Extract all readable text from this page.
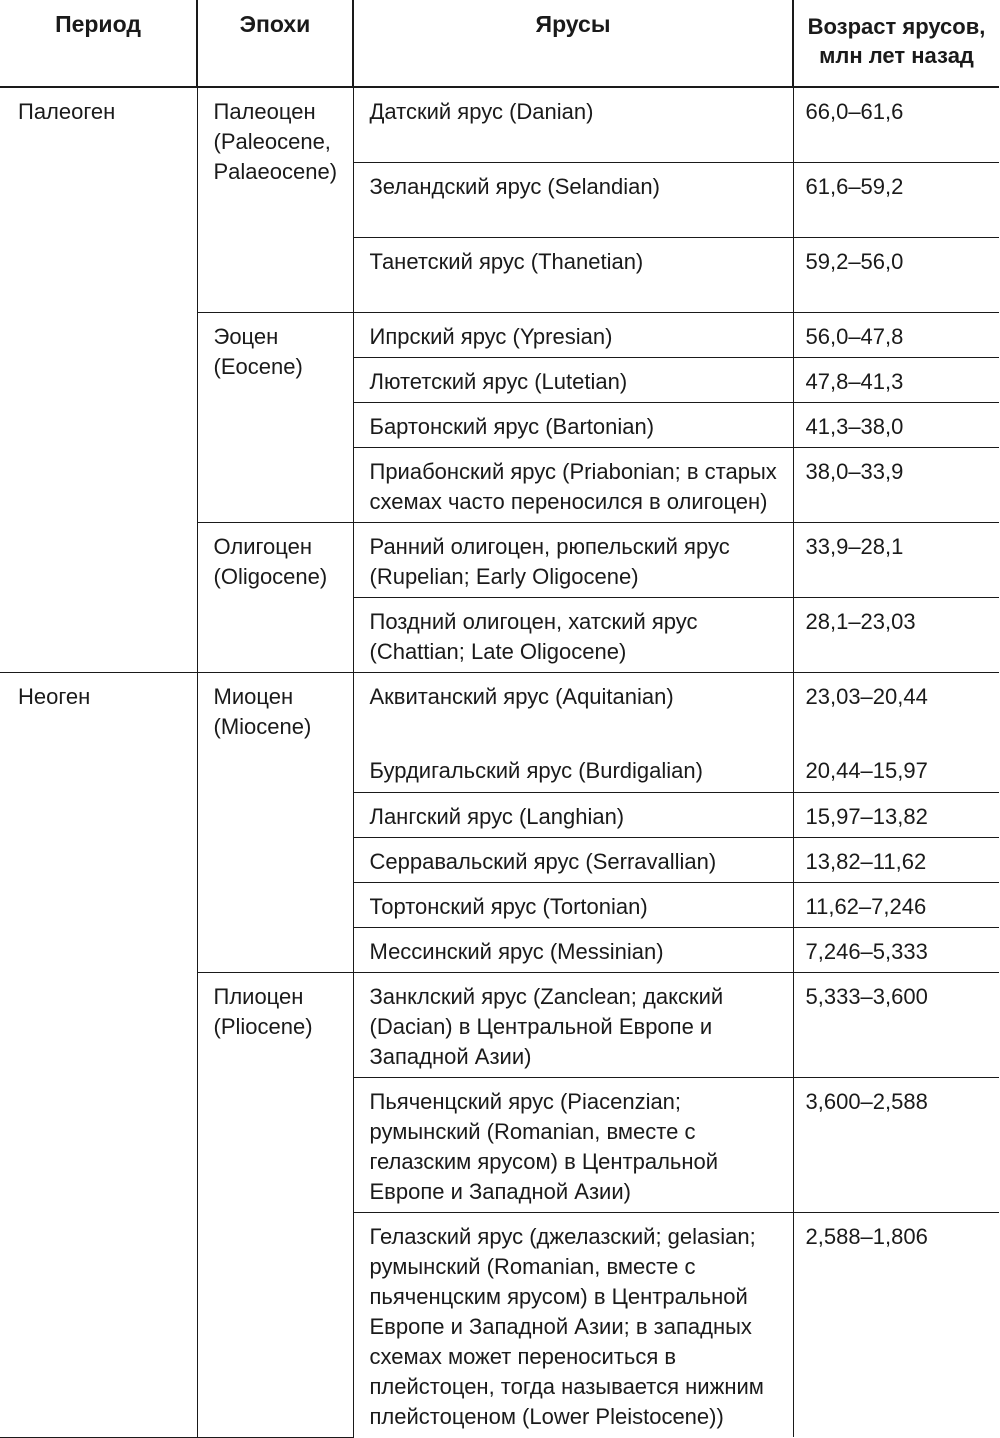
Период	Эпохи	Ярусы	Возраст ярусов, млн лет назад
Палеоген	Палеоцен (Paleocene, Palaeocene)	Датский ярус (Danian)	66,0–61,6
		Зеландский ярус (Selandian)	61,6–59,2
		Танетский ярус (Thanetian)	59,2–56,0
	Эоцен (Eocene)	Ипрский ярус (Ypresian)	56,0–47,8
		Лютетский ярус (Lutetian)	47,8–41,3
		Бартонский ярус (Bartonian)	41,3–38,0
		Приабонский ярус (Priabonian; в старых схемах часто переносился в олигоцен)	38,0–33,9
	Олигоцен (Oligocene)	Ранний олигоцен, рюпельский ярус (Rupelian; Early Oligocene)	33,9–28,1
		Поздний олигоцен, хатский ярус (Chattian; Late Oligocene)	28,1–23,03
Неоген	Миоцен (Miocene)	Аквитанский ярус (Aquitanian)	23,03–20,44
		Бурдигальский ярус (Burdigalian)	20,44–15,97
		Лангский ярус (Langhian)	15,97–13,82
		Серравальский ярус (Serravallian)	13,82–11,62
		Тортонский ярус (Tortonian)	11,62–7,246
		Мессинский ярус (Messinian)	7,246–5,333
	Плиоцен (Pliocene)	Занклский ярус (Zanclean; дакский (Dacian) в Центральной Европе и Западной Азии)	5,333–3,600
		Пьяченцский ярус (Piacenzian; румынский (Romanian, вместе с гелазским ярусом) в Центральной Европе и Западной Азии)	3,600–2,588
		Гелазский ярус (джелазский; gelasian; румынский (Romanian, вместе с пьяченцским ярусом) в Центральной Европе и Западной Азии; в западных схемах может переноситься в плейстоцен, тогда называется нижним плейстоценом (Lower Pleistocene))	2,588–1,806
